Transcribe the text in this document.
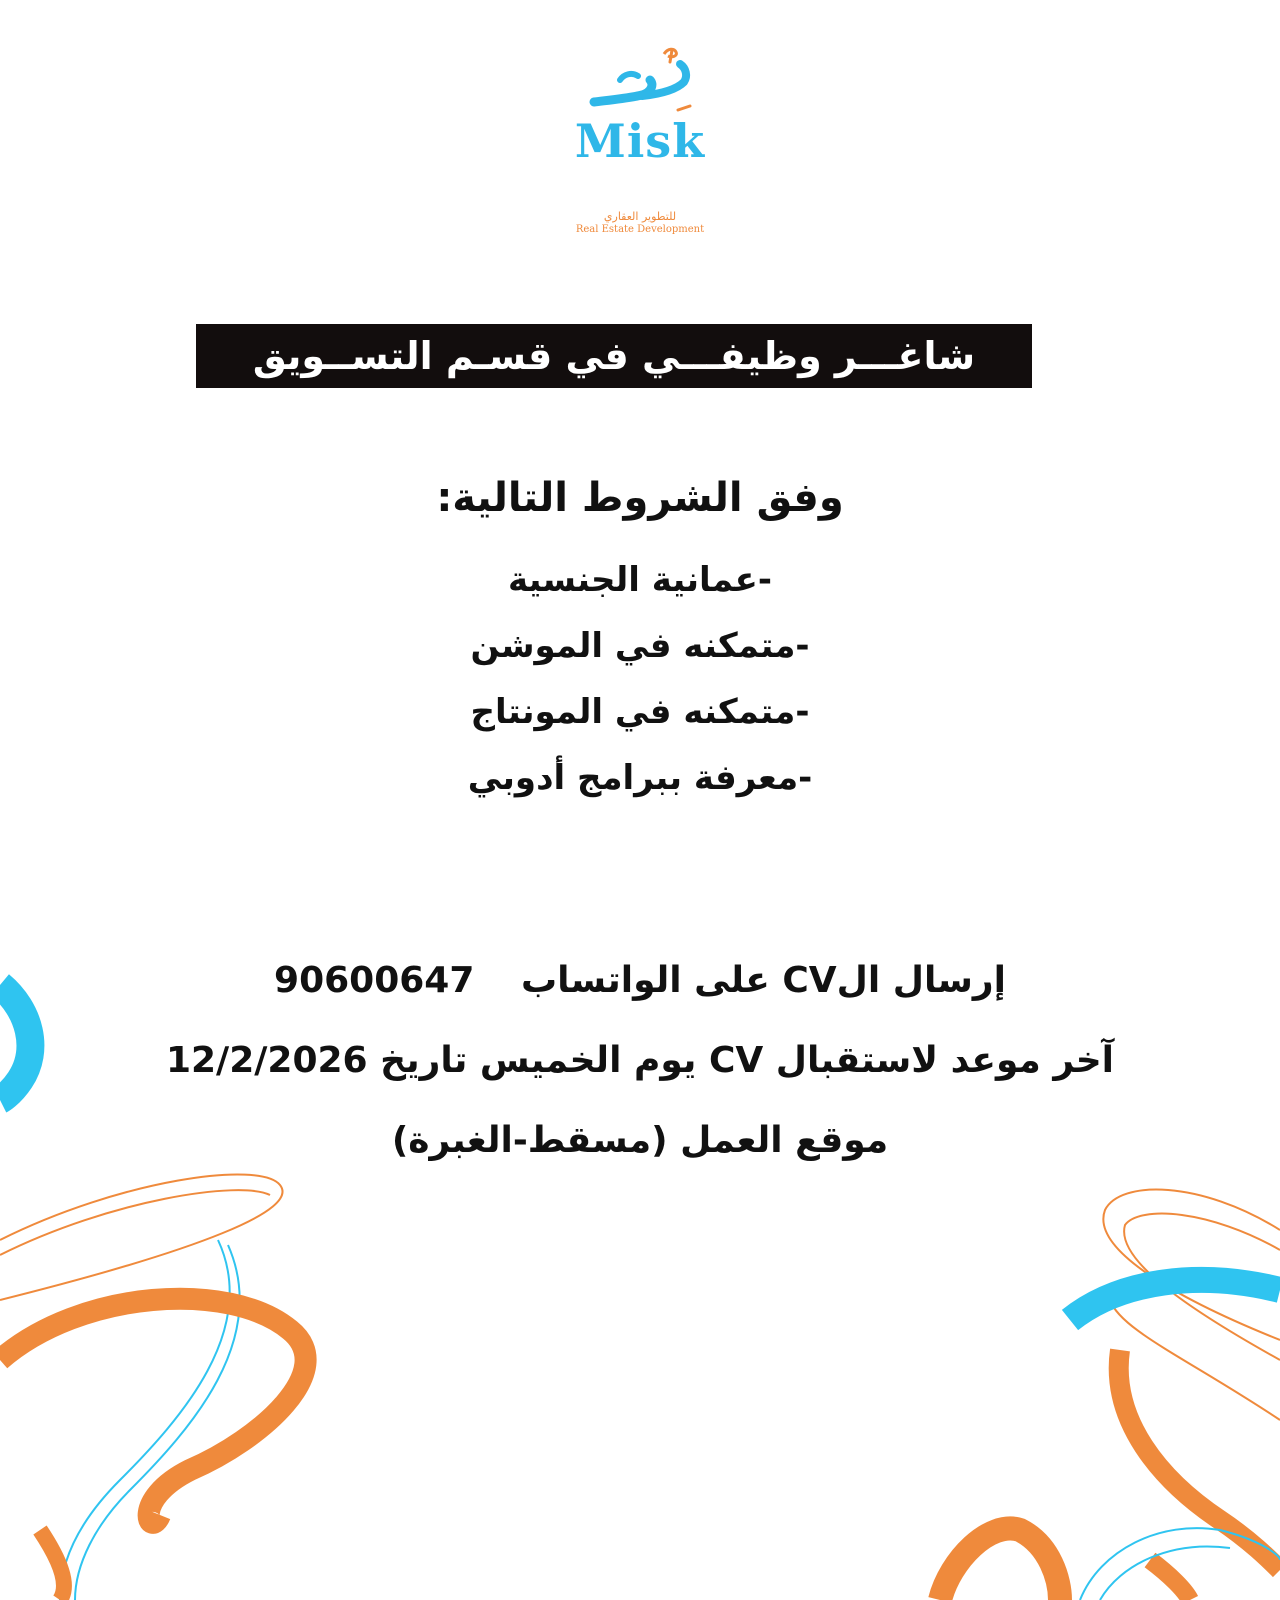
Misk
للتطوير العقاري
Real Estate Development
شاغـــر وظيفـــي في قسـم التســويق
وفق الشروط التالية:
-عمانية الجنسية
-متمكنه في الموشن
-متمكنه في المونتاج
-معرفة ببرامج أدوبي
إرسال الCV على الواتساب 90600647
آخر موعد لاستقبال CV يوم الخميس تاريخ 12/2/2026
موقع العمل (مسقط-الغبرة)
